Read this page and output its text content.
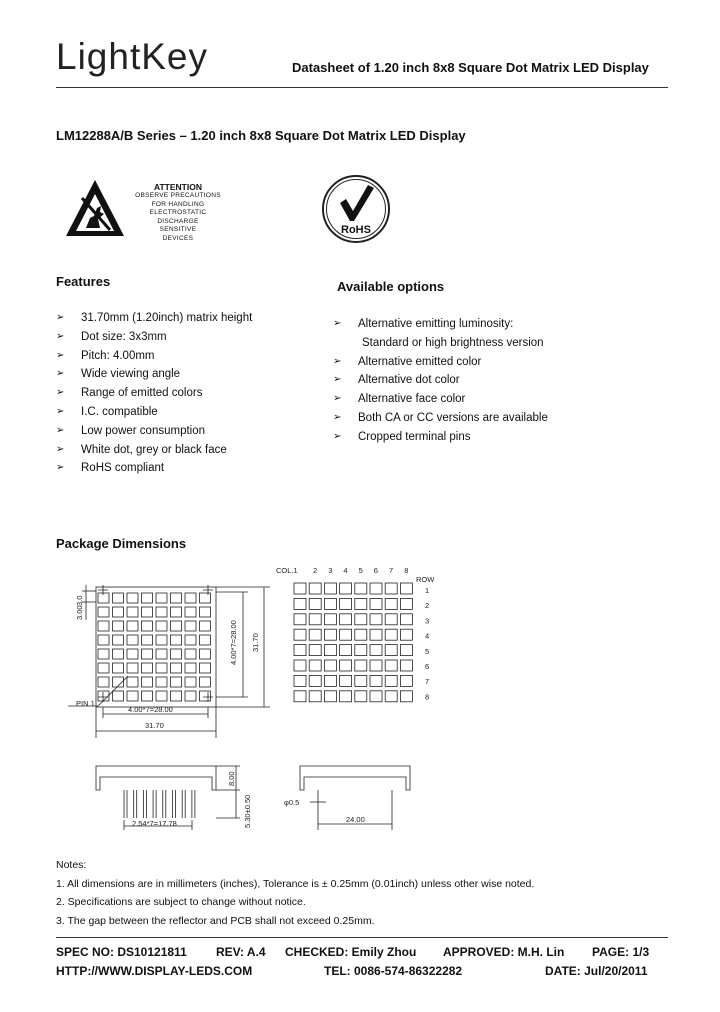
LightKey	Datasheet of 1.20 inch 8x8 Square Dot Matrix LED Display
LM12288A/B Series – 1.20 inch 8x8 Square Dot Matrix LED Display
ATTENTION
OBSERVE PRECAUTIONS
FOR HANDLING
ELECTROSTATIC
DISCHARGE
SENSITIVE
DEVICES
RoHS
Features
➢ 31.70mm (1.20inch) matrix height
➢ Dot size: 3x3mm
➢ Pitch: 4.00mm
➢ Wide viewing angle
➢ Range of emitted colors
➢ I.C. compatible
➢ Low power consumption
➢ White dot, grey or black face
➢ RoHS compliant
Available options
➢ Alternative emitting luminosity:
Standard or high brightness version
➢ Alternative emitted color
➢ Alternative dot color
➢ Alternative face color
➢ Both CA or CC versions are available
➢ Cropped terminal pins
Package Dimensions
PIN 1
4.00*7=28.00
31.70
4.00*7=28.00 31.70
3.00
3.0
COL.1 2 3 4 5 6 7 8
ROW
1
2
3
4
5
6
7
8
2.54*7=17.78
8.00
5.30±0.50	φ0.5
24.00
Notes:
1. All dimensions are in millimeters (inches), Tolerance is ± 0.25mm (0.01inch) unless other wise noted.
2. Specifications are subject to change without notice.
3. The gap between the reflector and PCB shall not exceed 0.25mm.
SPEC NO: DS10121811 REV: A.4 CHECKED: Emily Zhou APPROVED: M.H. Lin PAGE: 1/3
HTTP://WWW.DISPLAY-LEDS.COM	TEL: 0086-574-86322282	DATE: Jul/20/2011
